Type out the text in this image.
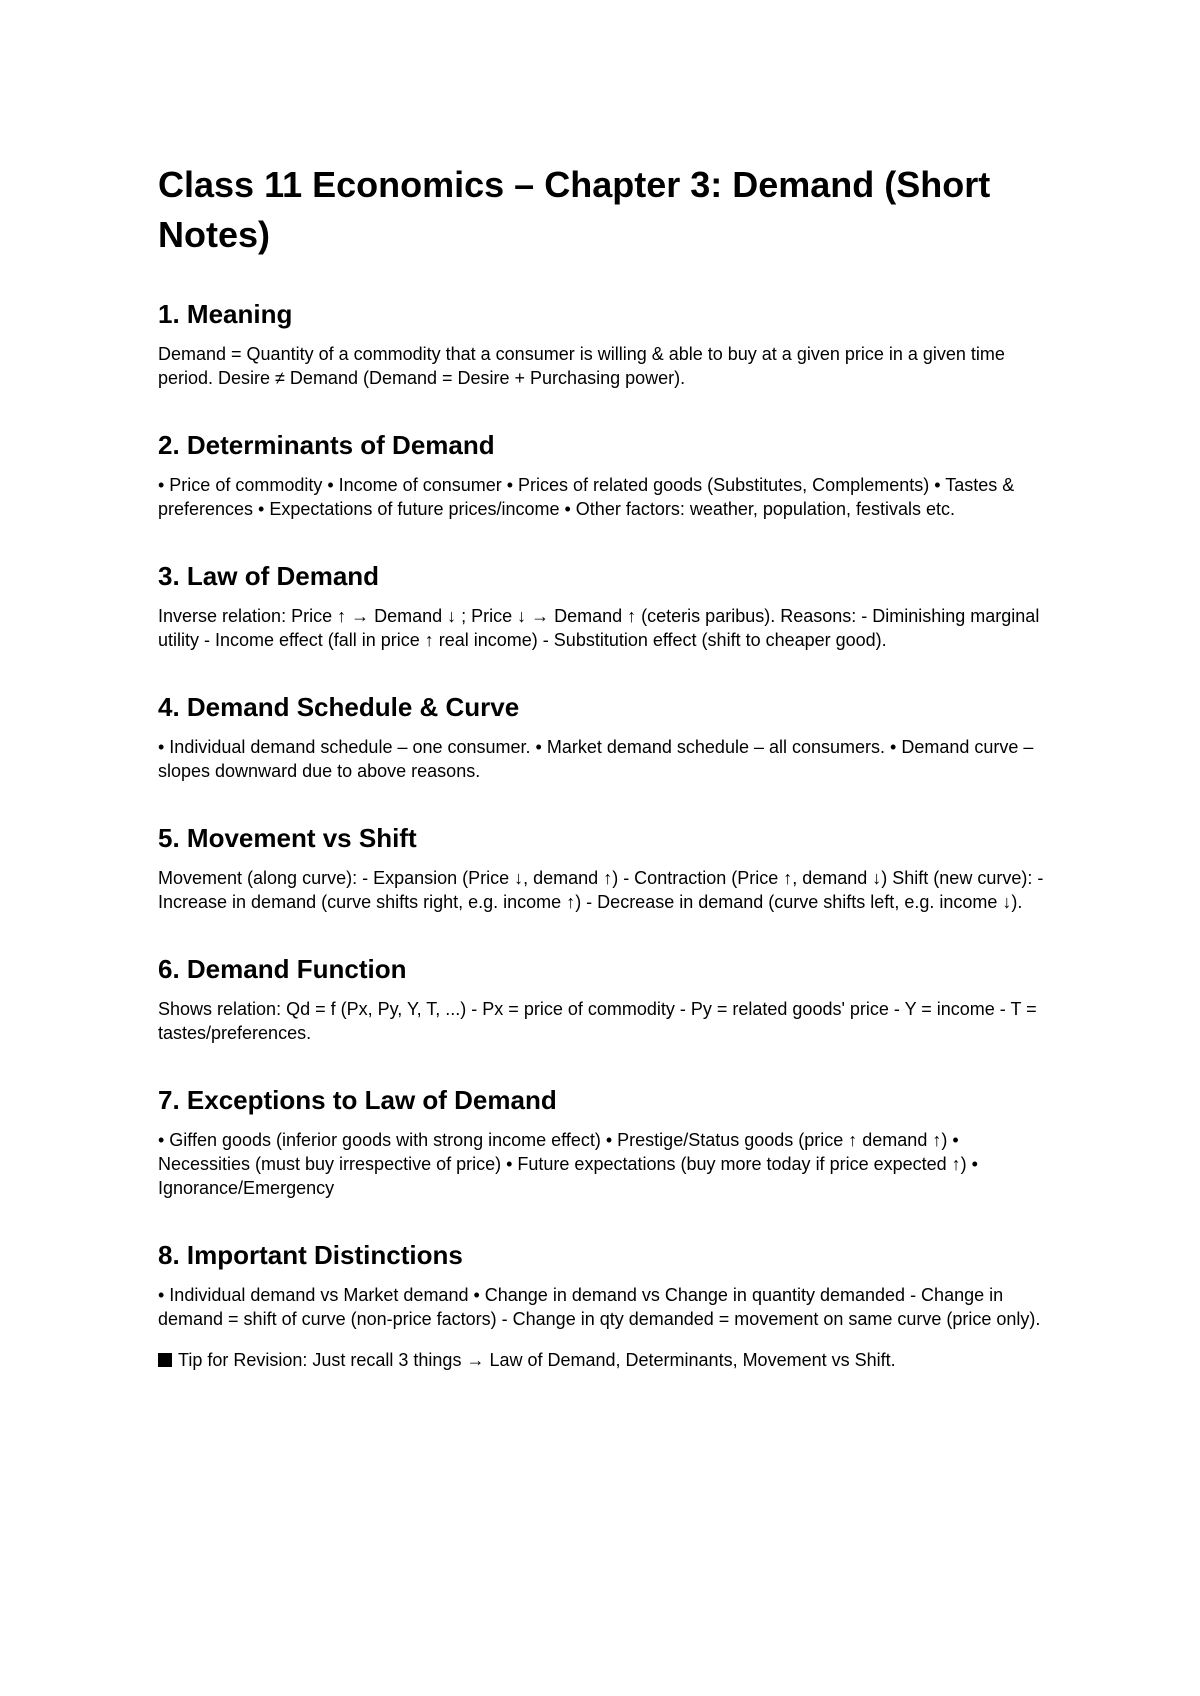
Class 11 Economics – Chapter 3: Demand (Short Notes)
1. Meaning

Demand = Quantity of a commodity that a consumer is willing & able to buy at a given price in a given time period. Desire ≠ Demand (Demand = Desire + Purchasing power).

2. Determinants of Demand

• Price of commodity • Income of consumer • Prices of related goods (Substitutes, Complements) • Tastes & preferences • Expectations of future prices/income • Other factors: weather, population, festivals etc.

3. Law of Demand

Inverse relation: Price ↑ → Demand ↓ ; Price ↓ → Demand ↑ (ceteris paribus). Reasons: - Diminishing marginal utility - Income effect (fall in price ↑ real income) - Substitution effect (shift to cheaper good).

4. Demand Schedule & Curve

• Individual demand schedule – one consumer. • Market demand schedule – all consumers. • Demand curve – slopes downward due to above reasons.

5. Movement vs Shift

Movement (along curve): - Expansion (Price ↓, demand ↑) - Contraction (Price ↑, demand ↓) Shift (new curve): - Increase in demand (curve shifts right, e.g. income ↑) - Decrease in demand (curve shifts left, e.g. income ↓).

6. Demand Function

Shows relation: Qd = f (Px, Py, Y, T, ...) - Px = price of commodity - Py = related goods' price - Y = income - T = tastes/preferences.

7. Exceptions to Law of Demand

• Giffen goods (inferior goods with strong income effect) • Prestige/Status goods (price ↑ demand ↑) • Necessities (must buy irrespective of price) • Future expectations (buy more today if price expected ↑) • Ignorance/Emergency

8. Important Distinctions

• Individual demand vs Market demand • Change in demand vs Change in quantity demanded - Change in demand = shift of curve (non-price factors) - Change in qty demanded = movement on same curve (price only).

Tip for Revision: Just recall 3 things → Law of Demand, Determinants, Movement vs Shift.
